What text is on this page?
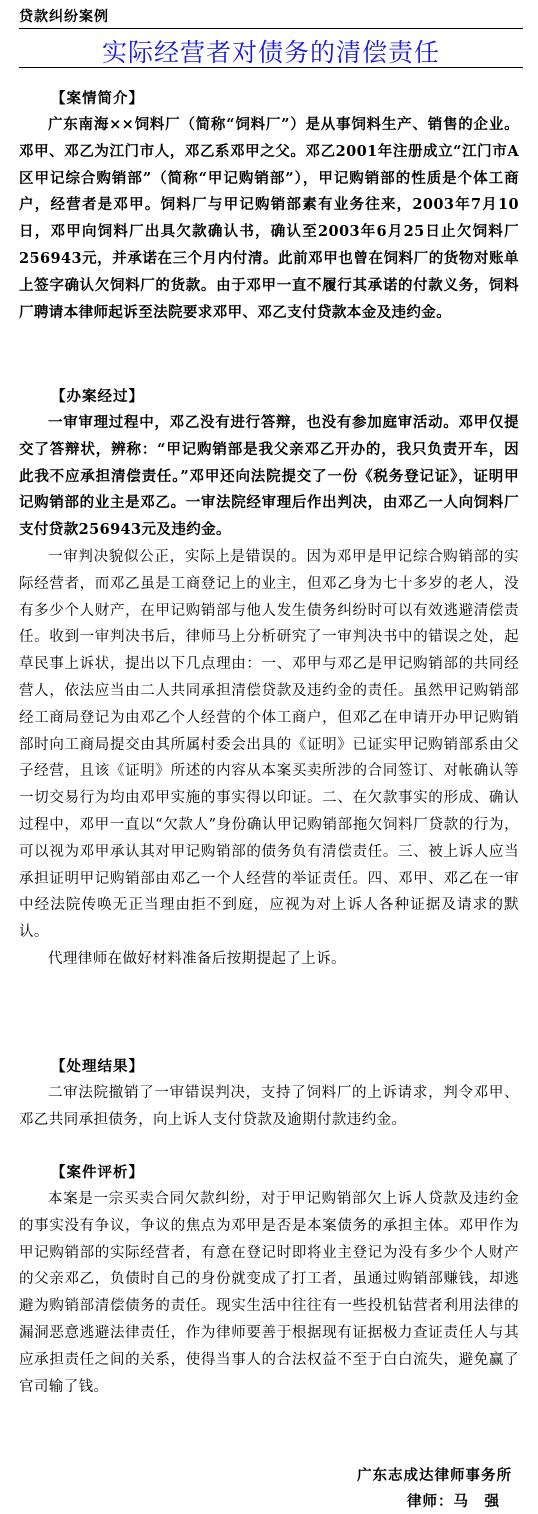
贷款纠纷案例
实际经营者对债务的清偿责任
【案情简介】

广东南海××饲料厂（简称“饲料厂”）是从事饲料生产、销售的企业。邓甲、邓乙为江门市人，邓乙系邓甲之父。邓乙2001年注册成立“江门市A区甲记综合购销部”（简称“甲记购销部”），甲记购销部的性质是个体工商户，经营者是邓甲。饲料厂与甲记购销部素有业务往来，2003年7月10日，邓甲向饲料厂出具欠款确认书，确认至2003年6月25日止欠饲料厂256943元，并承诺在三个月内付清。此前邓甲也曾在饲料厂的货物对账单上签字确认欠饲料厂的货款。由于邓甲一直不履行其承诺的付款义务，饲料厂聘请本律师起诉至法院要求邓甲、邓乙支付贷款本金及违约金。

【办案经过】

一审审理过程中，邓乙没有进行答辩，也没有参加庭审活动。邓甲仅提交了答辩状，辨称：“甲记购销部是我父亲邓乙开办的，我只负责开车，因此我不应承担清偿责任。”邓甲还向法院提交了一份《税务登记证》，证明甲记购销部的业主是邓乙。一审法院经审理后作出判决，由邓乙一人向饲料厂支付贷款256943元及违约金。

一审判决貌似公正，实际上是错误的。因为邓甲是甲记综合购销部的实际经营者，而邓乙虽是工商登记上的业主，但邓乙身为七十多岁的老人，没有多少个人财产，在甲记购销部与他人发生债务纠纷时可以有效逃避清偿责任。收到一审判决书后，律师马上分析研究了一审判决书中的错误之处，起草民事上诉状，提出以下几点理由：一、邓甲与邓乙是甲记购销部的共同经营人，依法应当由二人共同承担清偿贷款及违约金的责任。虽然甲记购销部经工商局登记为由邓乙个人经营的个体工商户，但邓乙在申请开办甲记购销部时向工商局提交由其所属村委会出具的《证明》已证实甲记购销部系由父子经营，且该《证明》所述的内容从本案买卖所涉的合同签订、对帐确认等一切交易行为均由邓甲实施的事实得以印证。二、在欠款事实的形成、确认过程中，邓甲一直以“欠款人”身份确认甲记购销部拖欠饲料厂贷款的行为，可以视为邓甲承认其对甲记购销部的债务负有清偿责任。三、被上诉人应当承担证明甲记购销部由邓乙一个人经营的举证责任。四、邓甲、邓乙在一审中经法院传唤无正当理由拒不到庭，应视为对上诉人各种证据及请求的默认。

代理律师在做好材料准备后按期提起了上诉。

【处理结果】

二审法院撤销了一审错误判决，支持了饲料厂的上诉请求，判令邓甲、邓乙共同承担债务，向上诉人支付贷款及逾期付款违约金。

【案件评析】

本案是一宗买卖合同欠款纠纷，对于甲记购销部欠上诉人贷款及违约金的事实没有争议，争议的焦点为邓甲是否是本案债务的承担主体。邓甲作为甲记购销部的实际经营者，有意在登记时即将业主登记为没有多少个人财产的父亲邓乙，负债时自己的身份就变成了打工者，虽通过购销部赚钱，却逃避为购销部清偿债务的责任。现实生活中往往有一些投机钻营者利用法律的漏洞恶意逃避法律责任，作为律师要善于根据现有证据极力查证责任人与其应承担责任之间的关系，使得当事人的合法权益不至于白白流失，避免赢了官司输了钱。

广东志成达律师事务所
律师：马　强
